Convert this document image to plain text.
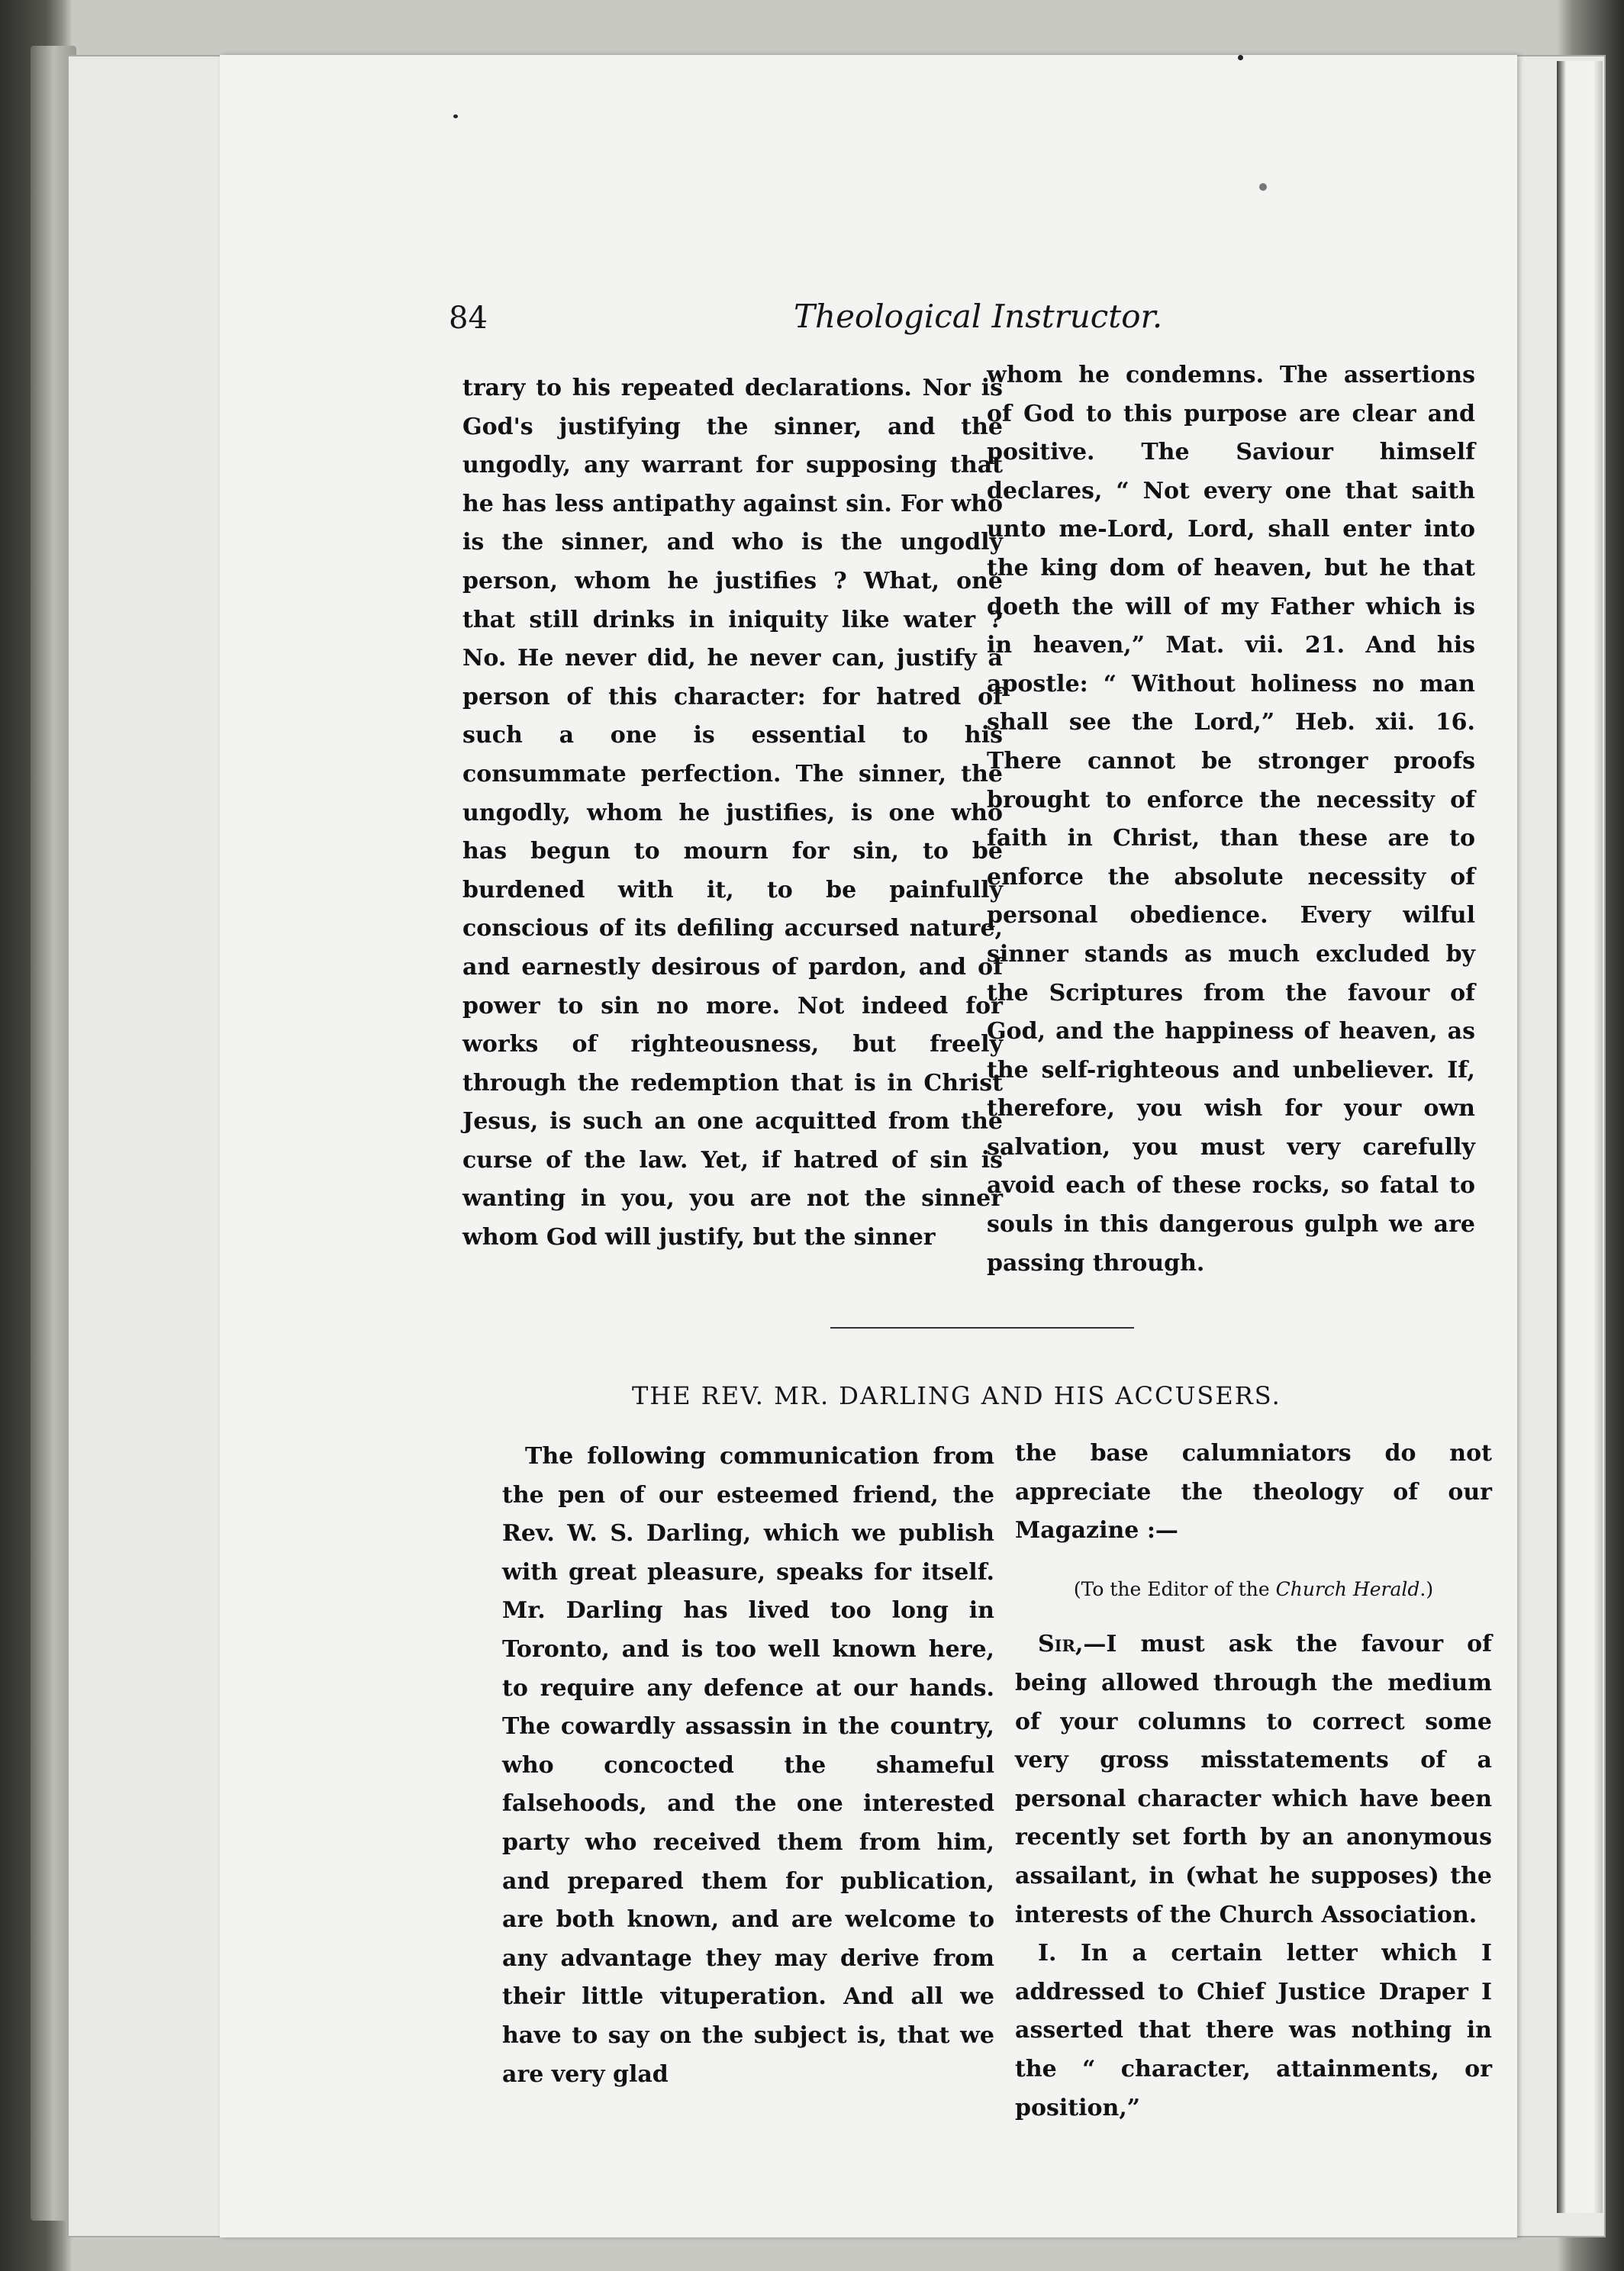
84	Theological Instructor.

trary to his repeated declarations. Nor is God's justifying the sinner, and the ungodly, any warrant for supposing that he has less antipathy against sin. For who is the sinner, and who is the ungodly person, whom he justifies ? What, one that still drinks in iniquity like water ? No. He never did, he never can, justify a person of this character: for hatred of such a one is essential to his consummate perfection. The sinner, the ungodly, whom he justifies, is one who has begun to mourn for sin, to be burdened with it, to be painfully conscious of its defiling accursed nature, and earnestly desirous of pardon, and of power to sin no more. Not indeed for works of righteousness, but freely through the redemption that is in Christ Jesus, is such an one acquitted from the curse of the law. Yet, if hatred of sin is wanting in you, you are not the sinner whom God will justify, but the sinner

whom he condemns. The assertions of God to this purpose are clear and positive. The Saviour himself declares, “ Not every one that saith unto me-Lord, Lord, shall enter into the king dom of heaven, but he that doeth the will of my Father which is in heaven,” Mat. vii. 21. And his apostle: “ Without holiness no man shall see the Lord,” Heb. xii. 16. There cannot be stronger proofs brought to enforce the necessity of faith in Christ, than these are to enforce the absolute necessity of personal obedience. Every wilful sinner stands as much excluded by the Scriptures from the favour of God, and the happiness of heaven, as the self-righteous and unbeliever. If, therefore, you wish for your own salvation, you must very carefully avoid each of these rocks, so fatal to souls in this dangerous gulph we are passing through.

THE REV. MR. DARLING AND HIS ACCUSERS.

The following communication from the pen of our esteemed friend, the Rev. W. S. Darling, which we publish with great pleasure, speaks for itself. Mr. Darling has lived too long in Toronto, and is too well known here, to require any defence at our hands. The cowardly assassin in the country, who concocted the shameful falsehoods, and the one interested party who received them from him, and prepared them for publication, are both known, and are welcome to any advantage they may derive from their little vituperation. And all we have to say on the subject is, that we are very glad

the base calumniators do not appreciate the theology of our Magazine :—

(To the Editor of the Church Herald.)

Sir,—I must ask the favour of being allowed through the medium of your columns to correct some very gross misstatements of a personal character which have been recently set forth by an anonymous assailant, in (what he supposes) the interests of the Church Association.

I. In a certain letter which I addressed to Chief Justice Draper I asserted that there was nothing in the “ character, attainments, or position,”
